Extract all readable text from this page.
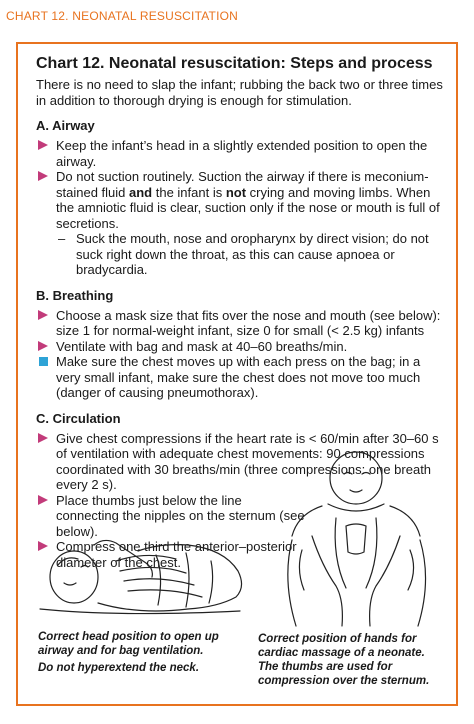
CHART 12. NEONATAL RESUSCITATION
Chart 12. Neonatal resuscitation: Steps and process

There is no need to slap the infant; rubbing the back two or three times in addition to thorough drying is enough for stimulation.

A. Airway
Keep the infant’s head in a slightly extended position to open the airway.
Do not suction routinely. Suction the airway if there is meconium-stained fluid and the infant is not crying and moving limbs. When the amniotic fluid is clear, suction only if the nose or mouth is full of secretions.
– Suck the mouth, nose and oropharynx by direct vision; do not suck right down the throat, as this can cause apnoea or bradycardia.
B. Breathing
Choose a mask size that fits over the nose and mouth (see below): size 1 for normal-weight infant, size 0 for small (< 2.5 kg) infants
Ventilate with bag and mask at 40–60 breaths/min.
Make sure the chest moves up with each press on the bag; in a very small infant, make sure the chest does not move too much (danger of causing pneumothorax).
C. Circulation
Give chest compressions if the heart rate is < 60/min after 30–60 s of ventilation with adequate chest movements: 90 compressions coordinated with 30 breaths/min (three compressions: one breath every 2 s).
Place thumbs just below the line connecting the nipples on the sternum (see below).
Compress one third the anterior–posterior diameter of the chest.
Correct head position to open up airway and for bag ventilation.
Do not hyperextend the neck.
Correct position of hands for cardiac massage of a neonate. The thumbs are used for compression over the sternum.
